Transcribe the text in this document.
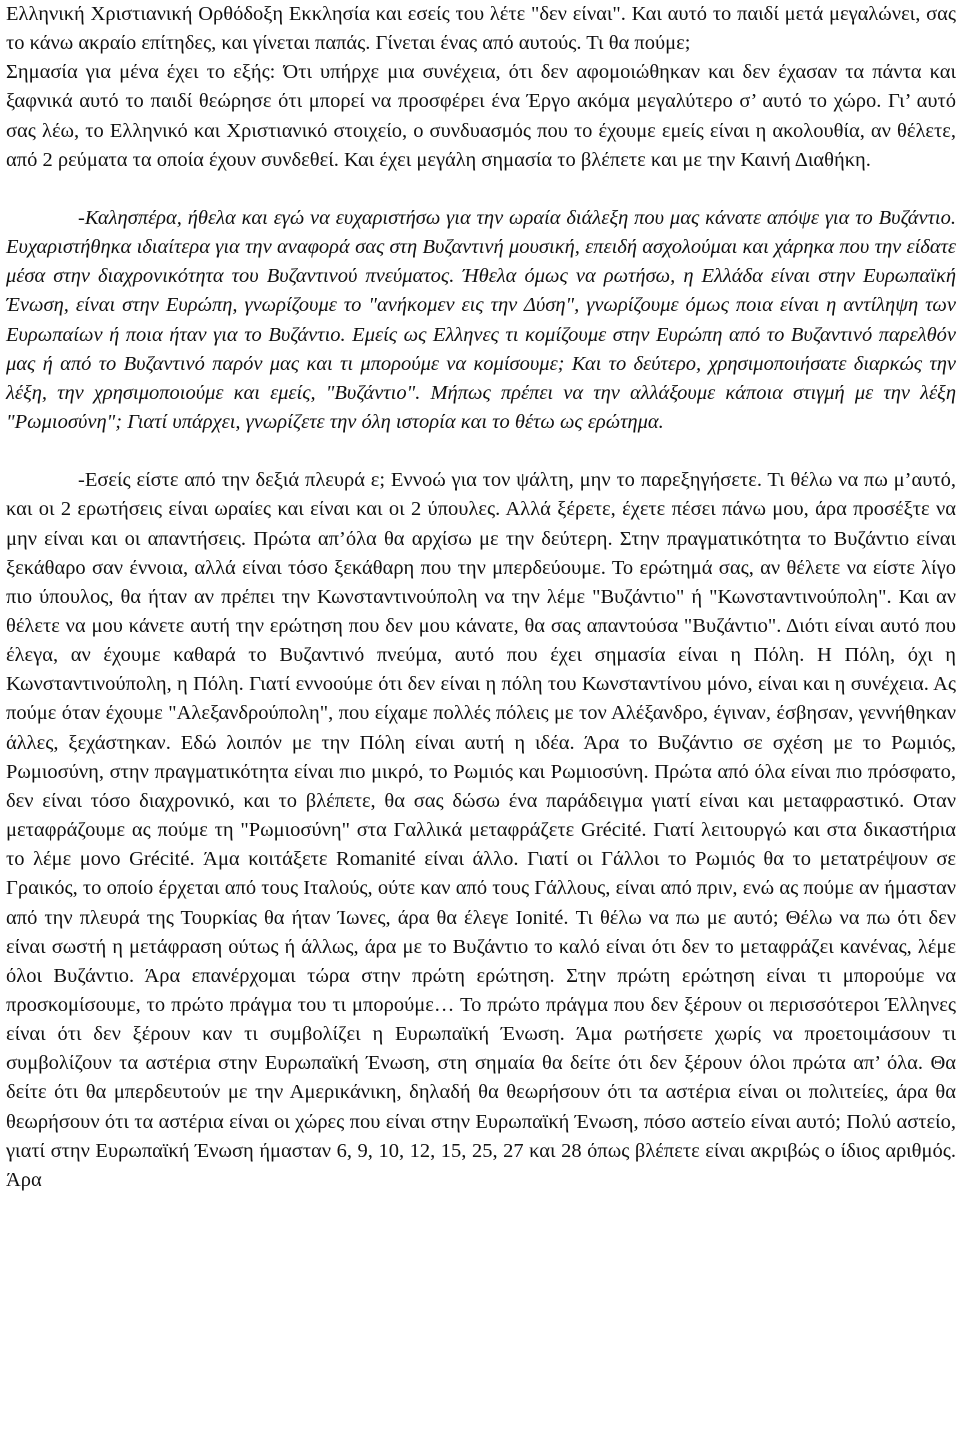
Ελληνική Χριστιανική Ορθόδοξη Εκκλησία και εσείς του λέτε "δεν είναι". Και αυτό το παιδί μετά μεγαλώνει, σας το κάνω ακραίο επίτηδες, και γίνεται παπάς. Γίνεται ένας από αυτούς. Τι θα πούμε;

Σημασία για μένα έχει το εξής: Ότι υπήρχε μια συνέχεια, ότι δεν αφομοιώθηκαν και δεν έχασαν τα πάντα και ξαφνικά αυτό το παιδί θεώρησε ότι μπορεί να προσφέρει ένα Έργο ακόμα μεγαλύτερο σ’ αυτό το χώρο. Γι’ αυτό σας λέω, το Ελληνικό και Χριστιανικό στοιχείο, ο συνδυασμός που το έχουμε εμείς είναι η ακολουθία, αν θέλετε, από 2 ρεύματα τα οποία έχουν συνδεθεί. Και έχει μεγάλη σημασία το βλέπετε και με την Καινή Διαθήκη.

-Καλησπέρα, ήθελα και εγώ να ευχαριστήσω για την ωραία διάλεξη που μας κάνατε απόψε για το Βυζάντιο. Ευχαριστήθηκα ιδιαίτερα για την αναφορά σας στη Βυζαντινή μουσική, επειδή ασχολούμαι και χάρηκα που την είδατε μέσα στην διαχρονικότητα του Βυζαντινού πνεύματος. Ήθελα όμως να ρωτήσω, η Ελλάδα είναι στην Ευρωπαϊκή Ένωση, είναι στην Ευρώπη, γνωρίζουμε το "ανήκομεν εις την Δύση", γνωρίζουμε όμως ποια είναι η αντίληψη των Ευρωπαίων ή ποια ήταν για το Βυζάντιο. Εμείς ως Ελληνες τι κομίζουμε στην Ευρώπη από το Βυζαντινό παρελθόν μας ή από το Βυζαντινό παρόν μας και τι μπορούμε να κομίσουμε; Και το δεύτερο, χρησιμοποιήσατε διαρκώς την λέξη, την χρησιμοποιούμε και εμείς, "Βυζάντιο". Μήπως πρέπει να την αλλάξουμε κάποια στιγμή με την λέξη "Ρωμιοσύνη"; Γιατί υπάρχει, γνωρίζετε την όλη ιστορία και το θέτω ως ερώτημα.

-Εσείς είστε από την δεξιά πλευρά ε; Εννοώ για τον ψάλτη, μην το παρεξηγήσετε. Τι θέλω να πω μ’αυτό, και οι 2 ερωτήσεις είναι ωραίες και είναι και οι 2 ύπουλες. Αλλά ξέρετε, έχετε πέσει πάνω μου, άρα προσέξτε να μην είναι και οι απαντήσεις. Πρώτα απ’όλα θα αρχίσω με την δεύτερη. Στην πραγματικότητα το Βυζάντιο είναι ξεκάθαρο σαν έννοια, αλλά είναι τόσο ξεκάθαρη που την μπερδεύουμε. Το ερώτημά σας, αν θέλετε να είστε λίγο πιο ύπουλος, θα ήταν αν πρέπει την Κωνσταντινούπολη να την λέμε "Βυζάντιο" ή "Κωνσταντινούπολη". Και αν θέλετε να μου κάνετε αυτή την ερώτηση που δεν μου κάνατε, θα σας απαντούσα "Βυζάντιο". Διότι είναι αυτό που έλεγα, αν έχουμε καθαρά το Βυζαντινό πνεύμα, αυτό που έχει σημασία είναι η Πόλη. Η Πόλη, όχι η Κωνσταντινούπολη, η Πόλη. Γιατί εννοούμε ότι δεν είναι η πόλη του Κωνσταντίνου μόνο, είναι και η συνέχεια. Ας πούμε όταν έχουμε "Αλεξανδρούπολη", που είχαμε πολλές πόλεις με τον Αλέξανδρο, έγιναν, έσβησαν, γεννήθηκαν άλλες, ξεχάστηκαν. Εδώ λοιπόν με την Πόλη είναι αυτή η ιδέα. Άρα το Βυζάντιο σε σχέση με το Ρωμιός, Ρωμιοσύνη, στην πραγματικότητα είναι πιο μικρό, το Ρωμιός και Ρωμιοσύνη. Πρώτα από όλα είναι πιο πρόσφατο, δεν είναι τόσο διαχρονικό, και το βλέπετε, θα σας δώσω ένα παράδειγμα γιατί είναι και μεταφραστικό. Οταν μεταφράζουμε ας πούμε τη "Ρωμιοσύνη" στα Γαλλικά μεταφράζετε Grécité. Γιατί λειτουργώ και στα δικαστήρια το λέμε μονο Grécité. Άμα κοιτάξετε Romanité είναι άλλο. Γιατί οι Γάλλοι το Ρωμιός θα το μετατρέψουν σε Γραικός, το οποίο έρχεται από τους Ιταλούς, ούτε καν από τους Γάλλους, είναι από πριν, ενώ ας πούμε αν ήμασταν από την πλευρά της Τουρκίας θα ήταν Ίωνες, άρα θα έλεγε Ionité. Τι θέλω να πω με αυτό; Θέλω να πω ότι δεν είναι σωστή η μετάφραση ούτως ή άλλως, άρα με το Βυζάντιο το καλό είναι ότι δεν το μεταφράζει κανένας, λέμε όλοι Βυζάντιο. Άρα επανέρχομαι τώρα στην πρώτη ερώτηση. Στην πρώτη ερώτηση είναι τι μπορούμε να προσκομίσουμε, το πρώτο πράγμα του τι μπορούμε… Το πρώτο πράγμα που δεν ξέρουν οι περισσότεροι Έλληνες είναι ότι δεν ξέρουν καν τι συμβολίζει η Ευρωπαϊκή Ένωση. Άμα ρωτήσετε χωρίς να προετοιμάσουν τι συμβολίζουν τα αστέρια στην Ευρωπαϊκή Ένωση, στη σημαία θα δείτε ότι δεν ξέρουν όλοι πρώτα απ’ όλα. Θα δείτε ότι θα μπερδευτούν με την Αμερικάνικη, δηλαδή θα θεωρήσουν ότι τα αστέρια είναι οι πολιτείες, άρα θα θεωρήσουν ότι τα αστέρια είναι οι χώρες που είναι στην Ευρωπαϊκή Ένωση, πόσο αστείο είναι αυτό; Πολύ αστείο, γιατί στην Ευρωπαϊκή Ένωση ήμασταν 6, 9, 10, 12, 15, 25, 27 και 28 όπως βλέπετε είναι ακριβώς ο ίδιος αριθμός. Άρα
